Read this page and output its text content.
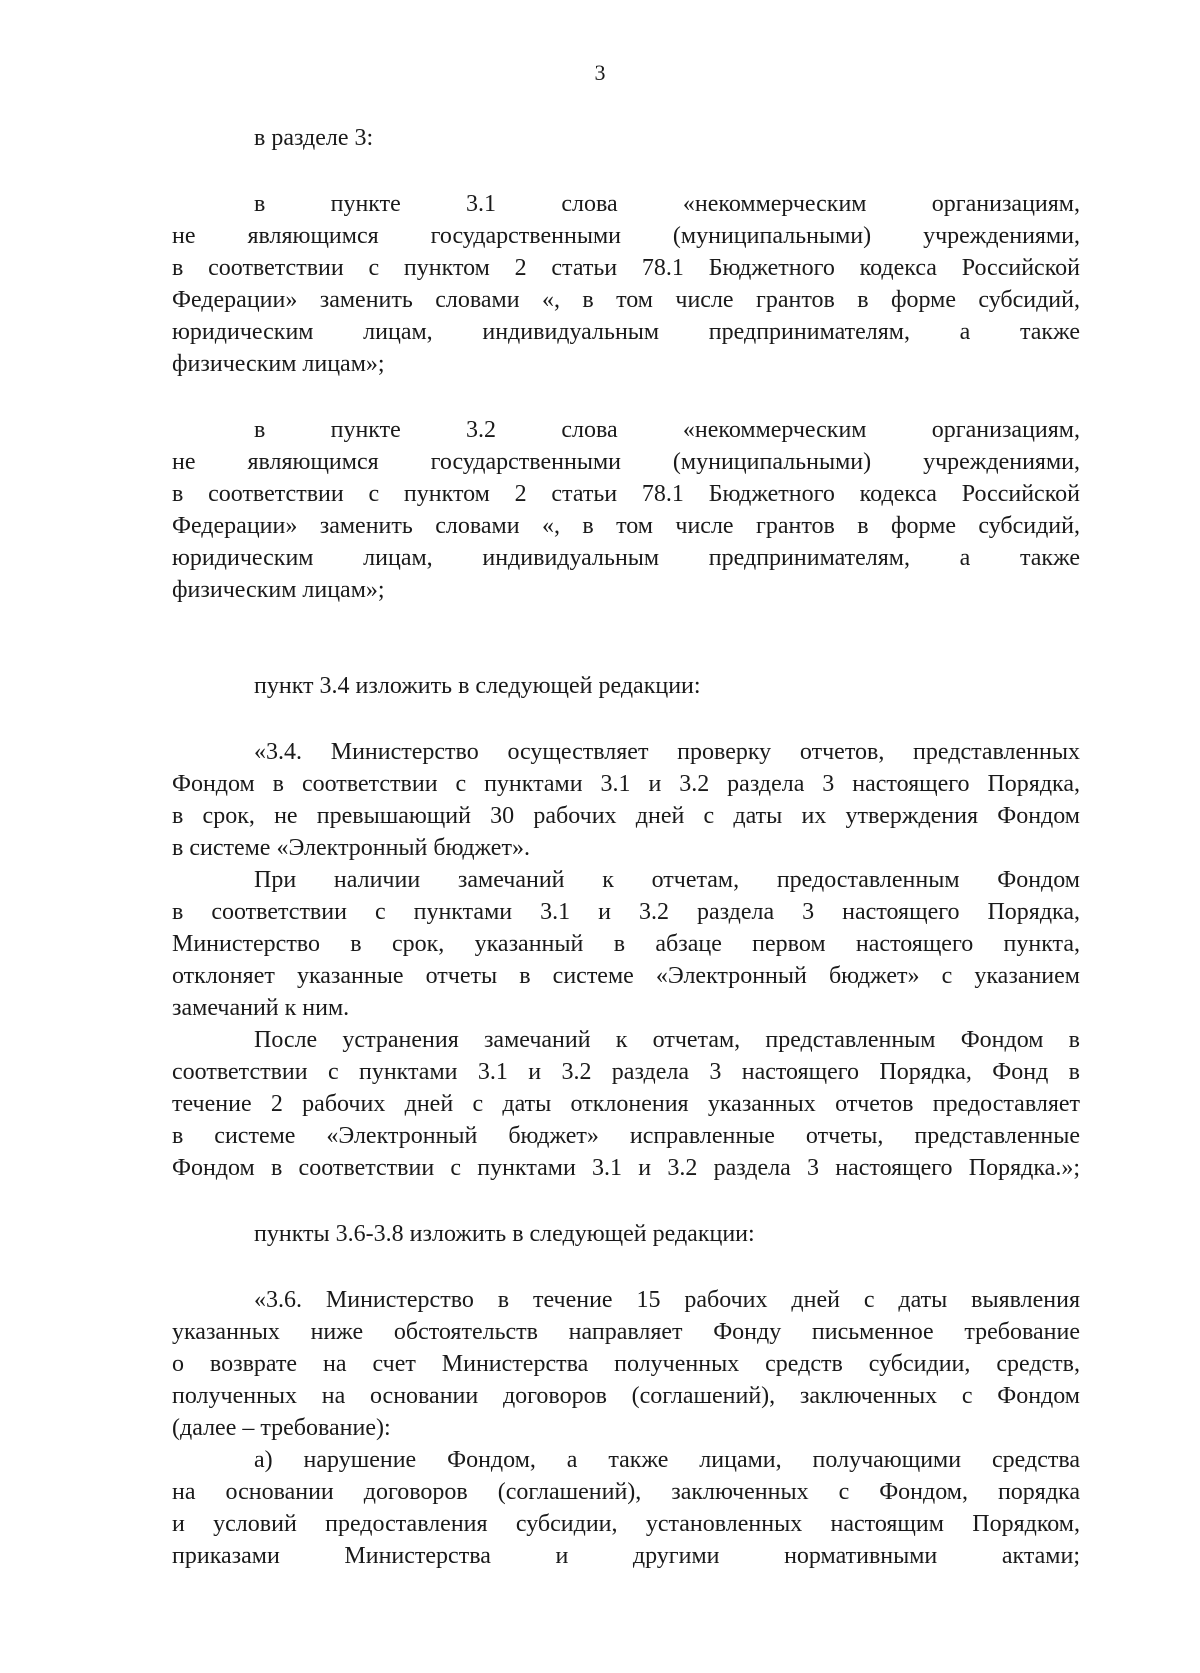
3
в разделе 3:
в пункте 3.1 слова «некоммерческим организациям,
не являющимся государственными (муниципальными) учреждениями,
в соответствии с пунктом 2 статьи 78.1 Бюджетного кодекса Российской
Федерации» заменить словами «, в том числе грантов в форме субсидий,
юридическим лицам, индивидуальным предпринимателям, а также
физическим лицам»;
в пункте 3.2 слова «некоммерческим организациям,
не являющимся государственными (муниципальными) учреждениями,
в соответствии с пунктом 2 статьи 78.1 Бюджетного кодекса Российской
Федерации» заменить словами «, в том числе грантов в форме субсидий,
юридическим лицам, индивидуальным предпринимателям, а также
физическим лицам»;
пункт 3.4 изложить в следующей редакции:
«3.4. Министерство осуществляет проверку отчетов, представленных
Фондом в соответствии с пунктами 3.1 и 3.2 раздела 3 настоящего Порядка,
в срок, не превышающий 30 рабочих дней с даты их утверждения Фондом
в системе «Электронный бюджет».
При наличии замечаний к отчетам, предоставленным Фондом
в соответствии с пунктами 3.1 и 3.2 раздела 3 настоящего Порядка,
Министерство в срок, указанный в абзаце первом настоящего пункта,
отклоняет указанные отчеты в системе «Электронный бюджет» с указанием
замечаний к ним.
После устранения замечаний к отчетам, представленным Фондом в
соответствии с пунктами 3.1 и 3.2 раздела 3 настоящего Порядка, Фонд в
течение 2 рабочих дней с даты отклонения указанных отчетов предоставляет
в системе «Электронный бюджет» исправленные отчеты, представленные
Фондом в соответствии с пунктами 3.1 и 3.2 раздела 3 настоящего Порядка.»;
пункты 3.6-3.8 изложить в следующей редакции:
«3.6. Министерство в течение 15 рабочих дней с даты выявления
указанных ниже обстоятельств направляет Фонду письменное требование
о возврате на счет Министерства полученных средств субсидии, средств,
полученных на основании договоров (соглашений), заключенных с Фондом
(далее – требование):
а) нарушение Фондом, а также лицами, получающими средства
на основании договоров (соглашений), заключенных с Фондом, порядка
и условий предоставления субсидии, установленных настоящим Порядком,
приказами Министерства и другими нормативными актами;
